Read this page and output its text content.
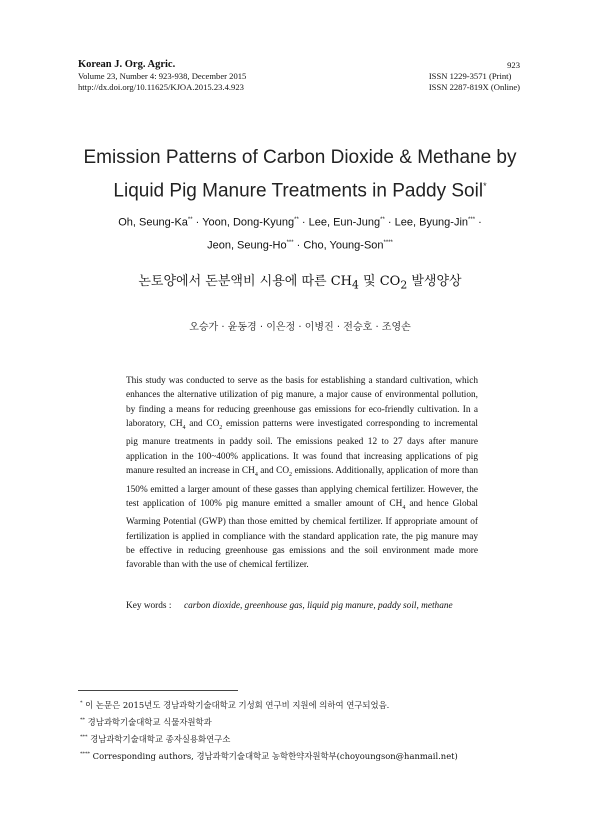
Korean J. Org. Agric.
Volume 23, Number 4: 923-938, December 2015
http://dx.doi.org/10.11625/KJOA.2015.23.4.923
923
ISSN 1229-3571 (Print)
ISSN 2287-819X (Online)
Emission Patterns of Carbon Dioxide & Methane by
Liquid Pig Manure Treatments in Paddy Soil*
Oh, Seung-Ka** · Yoon, Dong-Kyung** · Lee, Eun-Jung** · Lee, Byung-Jin*** ·
Jeon, Seung-Ho*** · Cho, Young-Son****
논토양에서 돈분액비 시용에 따른 $CH_4$ 및 $CO_2$ 발생양상
오승가 · 윤동경 · 이은정 · 이병진 · 전승호 · 조영손
This study was conducted to serve as the basis for establishing a standard cultivation, which enhances the alternative utilization of pig manure, a major cause of environmental pollution, by finding a means for reducing greenhouse gas emissions for eco-friendly cultivation. In a laboratory, $CH_4$ and $CO_2$ emission patterns were investigated corresponding to incremental pig manure treatments in paddy soil. The emissions peaked 12 to 27 days after manure application in the 100~400% applications. It was found that increasing applications of pig manure resulted an increase in $CH_4$ and $CO_2$ emissions. Additionally, application of more than 150% emitted a larger amount of these gasses than applying chemical fertilizer. However, the test application of 100% pig manure emitted a smaller amount of $CH_4$ and hence Global Warming Potential (GWP) than those emitted by chemical fertilizer. If appropriate amount of fertilization is applied in compliance with the standard application rate, the pig manure may be effective in reducing greenhouse gas emissions and the soil environment made more favorable than with the use of chemical fertilizer.
Key words : carbon dioxide, greenhouse gas, liquid pig manure, paddy soil, methane
* 이 논문은 2015년도 경남과학기술대학교 기성회 연구비 지원에 의하여 연구되었음.
** 경남과학기술대학교 식물자원학과
*** 경남과학기술대학교 종자실용화연구소
**** Corresponding authors, 경남과학기술대학교 농학한약자원학부(choyoungson@hanmail.net)
